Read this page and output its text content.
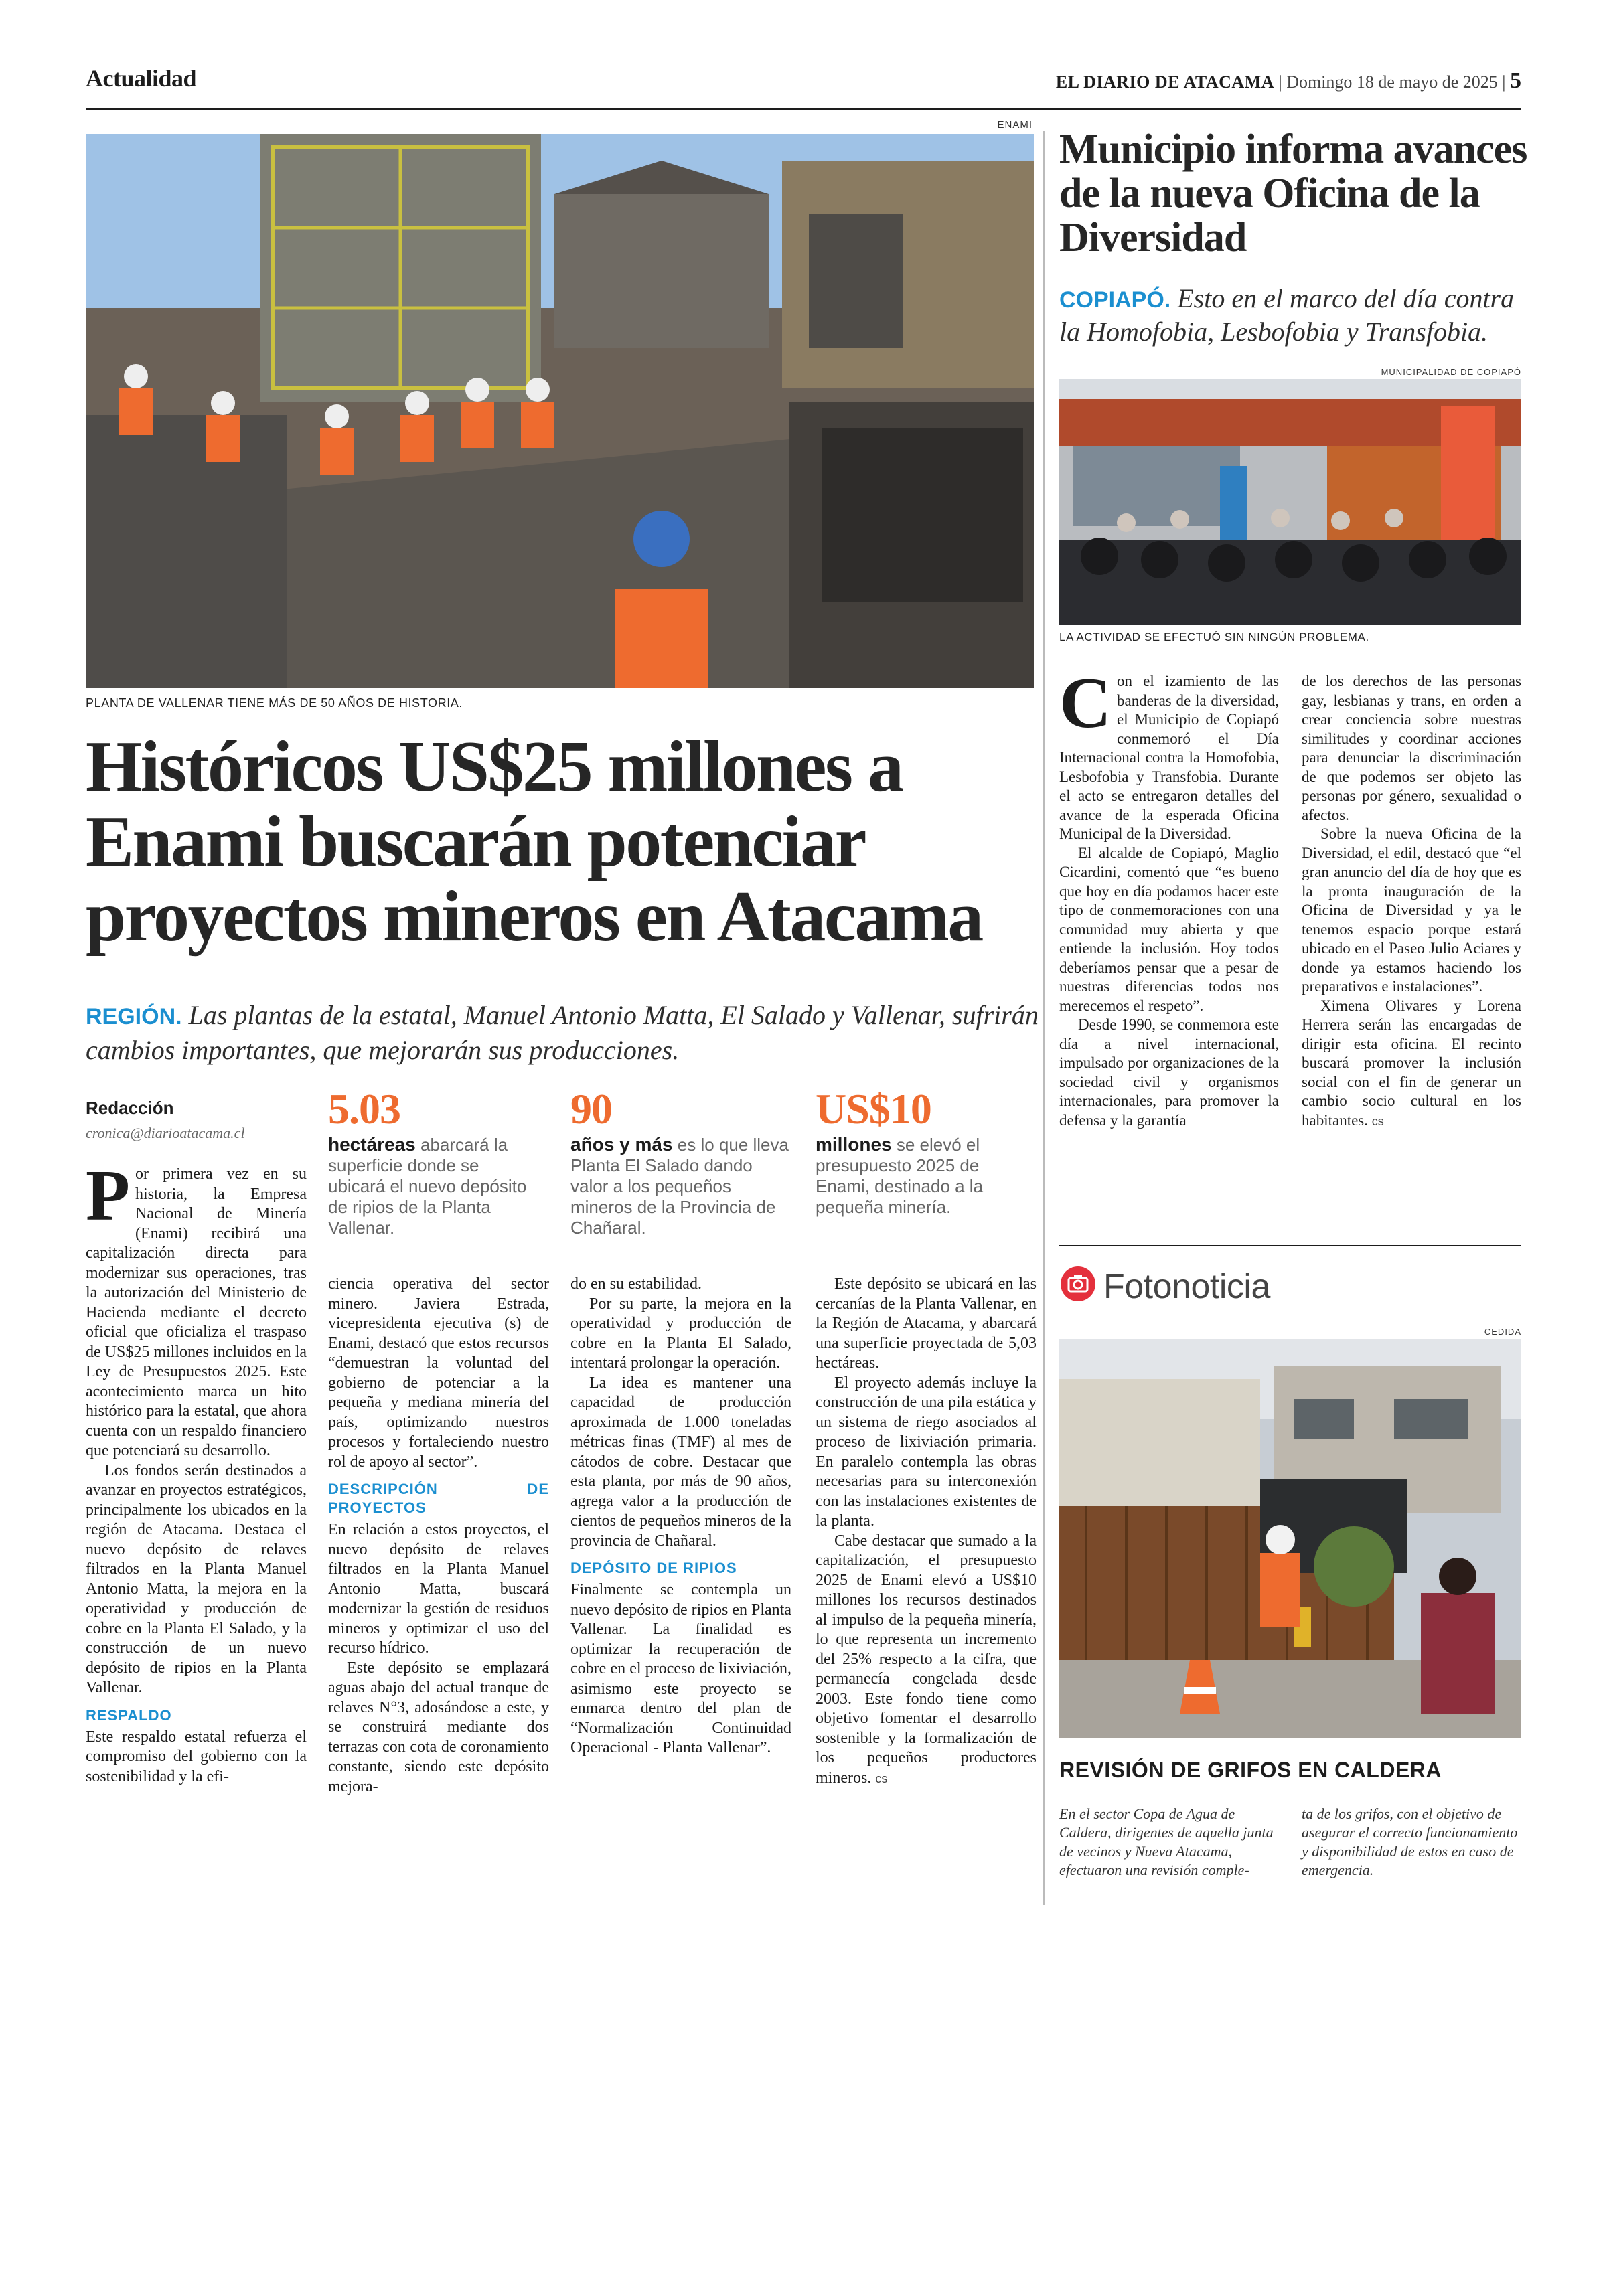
Actualidad	EL DIARIO DE ATACAMA | Domingo 18 de mayo de 2025 | 5
ENAMI
PLANTA DE VALLENAR TIENE MÁS DE 50 AÑOS DE HISTORIA.
Históricos US$25 millones a Enami buscarán potenciar proyectos mineros en Atacama
REGIÓN. Las plantas de la estatal, Manuel Antonio Matta, El Salado y Vallenar, sufrirán cambios importantes, que mejorarán sus producciones.
Redacción
cronica@diarioatacama.cl
5.03
hectáreas abarcará la superficie donde se ubicará el nuevo depósito de ripios de la Planta Vallenar.
90
años y más es lo que lleva Planta El Salado dando valor a los pequeños mineros de la Provincia de Chañaral.
US$10
millones se elevó el presupuesto 2025 de Enami, destinado a la pequeña minería.

Por primera vez en su historia, la Empresa Nacional de Minería (Enami) recibirá una capitalización directa para modernizar sus operaciones, tras la autorización del Ministerio de Hacienda mediante el decreto oficial que oficializa el traspaso de US$25 millones incluidos en la Ley de Presupuestos 2025. Este acontecimiento marca un hito histórico para la estatal, que ahora cuenta con un respaldo financiero que potenciará su desarrollo.

Los fondos serán destinados a avanzar en proyectos estratégicos, principalmente los ubicados en la región de Atacama. Destaca el nuevo depósito de relaves filtrados en la Planta Manuel Antonio Matta, la mejora en la operatividad y producción de cobre en la Planta El Salado, y la construcción de un nuevo depósito de ripios en la Planta Vallenar.

RESPALDO

Este respaldo estatal refuerza el compromiso del gobierno con la sostenibilidad y la efi-

ciencia operativa del sector minero. Javiera Estrada, vicepresidenta ejecutiva (s) de Enami, destacó que estos recursos “demuestran la voluntad del gobierno de potenciar a la pequeña y mediana minería del país, optimizando nuestros procesos y fortaleciendo nuestro rol de apoyo al sector”.

DESCRIPCIÓN DE PROYECTOS

En relación a estos proyectos, el nuevo depósito de relaves filtrados en la Planta Manuel Antonio Matta, buscará modernizar la gestión de residuos mineros y optimizar el uso del recurso hídrico.

Este depósito se emplazará aguas abajo del actual tranque de relaves N°3, adosándose a este, y se construirá mediante dos terrazas con cota de coronamiento constante, siendo este depósito mejora-

do en su estabilidad.

Por su parte, la mejora en la operatividad y producción de cobre en la Planta El Salado, intentará prolongar la operación.

La idea es mantener una capacidad de producción aproximada de 1.000 toneladas métricas finas (TMF) al mes de cátodos de cobre. Destacar que esta planta, por más de 90 años, agrega valor a la producción de cientos de pequeños mineros de la provincia de Chañaral.

DEPÓSITO DE RIPIOS

Finalmente se contempla un nuevo depósito de ripios en Planta Vallenar. La finalidad es optimizar la recuperación de cobre en el proceso de lixiviación, asimismo este proyecto se enmarca dentro del plan de “Normalización Continuidad Operacional - Planta Vallenar”.

Este depósito se ubicará en las cercanías de la Planta Vallenar, en la Región de Atacama, y abarcará una superficie proyectada de 5,03 hectáreas.

El proyecto además incluye la construcción de una pila estática y un sistema de riego asociados al proceso de lixiviación primaria. En paralelo contempla las obras necesarias para su interconexión con las instalaciones existentes de la planta.

Cabe destacar que sumado a la capitalización, el presupuesto 2025 de Enami elevó a US$10 millones los recursos destinados al impulso de la pequeña minería, lo que representa un incremento del 25% respecto a la cifra, que permanecía congelada desde 2003. Este fondo tiene como objetivo fomentar el desarrollo sostenible y la formalización de los pequeños productores mineros. cs

Municipio informa avances de la nueva Oficina de la Diversidad
COPIAPÓ. Esto en el marco del día contra la Homofobia, Lesbofobia y Transfobia.
MUNICIPALIDAD DE COPIAPÓ
LA ACTIVIDAD SE EFECTUÓ SIN NINGÚN PROBLEMA.

Con el izamiento de las banderas de la diversidad, el Municipio de Copiapó conmemoró el Día Internacional contra la Homofobia, Lesbofobia y Transfobia. Durante el acto se entregaron detalles del avance de la esperada Oficina Municipal de la Diversidad.

El alcalde de Copiapó, Maglio Cicardini, comentó que “es bueno que hoy en día podamos hacer este tipo de conmemoraciones con una comunidad muy abierta y que entiende la inclusión. Hoy todos deberíamos pensar que a pesar de nuestras diferencias todos nos merecemos el respeto”.

Desde 1990, se conmemora este día a nivel internacional, impulsado por organizaciones de la sociedad civil y organismos internacionales, para promover la defensa y la garantía

de los derechos de las personas gay, lesbianas y trans, en orden a crear conciencia sobre nuestras similitudes y coordinar acciones para denunciar la discriminación de que podemos ser objeto las personas por género, sexualidad o afectos.

Sobre la nueva Oficina de la Diversidad, el edil, destacó que “el gran anuncio del día de hoy que es la pronta inauguración de la Oficina de Diversidad y ya le tenemos espacio porque estará ubicado en el Paseo Julio Aciares y donde ya estamos haciendo los preparativos e instalaciones”.

Ximena Olivares y Lorena Herrera serán las encargadas de dirigir esta oficina. El recinto buscará promover la inclusión social con el fin de generar un cambio socio cultural en los habitantes. cs

Fotonoticia
CEDIDA
REVISIÓN DE GRIFOS EN CALDERA
En el sector Copa de Agua de Caldera, dirigentes de aquella junta de vecinos y Nueva Atacama, efectuaron una revisión comple-
ta de los grifos, con el objetivo de asegurar el correcto funcionamiento y disponibilidad de estos en caso de emergencia.
